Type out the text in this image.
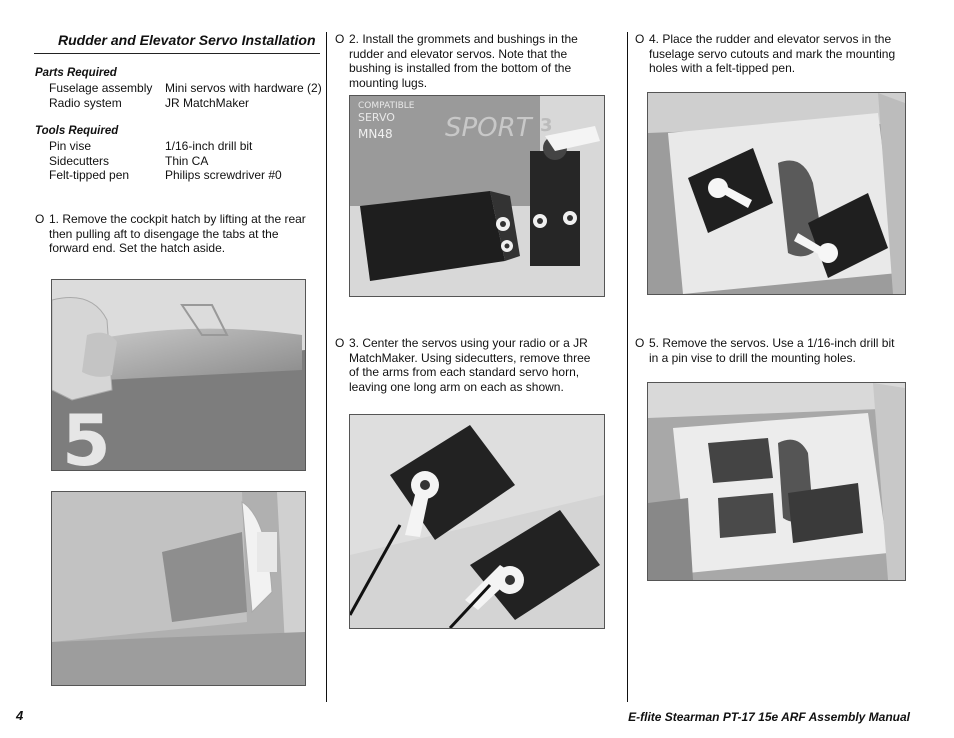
Rudder and Elevator Servo Installation
Parts Required
Fuselage assembly	Mini servos with hardware (2)
Radio system	JR MatchMaker
Tools Required
Pin vise	1/16-inch drill bit
Sidecutters	Thin CA
Felt-tipped pen	Philips screwdriver #0
O 1. Remove the cockpit hatch by lifting at the rear then pulling aft to disengage the tabs at the forward end. Set the hatch aside.
5
O 2. Install the grommets and bushings in the rudder and elevator servos. Note that the bushing is installed from the bottom of the mounting lugs.
COMPATIBLE
SERVO
MN48 SPORT 3
O 3. Center the servos using your radio or a JR MatchMaker. Using sidecutters, remove three of the arms from each standard servo horn, leaving one long arm on each as shown.
O 4. Place the rudder and elevator servos in the fuselage servo cutouts and mark the mounting holes with a felt-tipped pen.
O 5. Remove the servos. Use a 1/16-inch drill bit in a pin vise to drill the mounting holes.
4	E-flite Stearman PT-17 15e ARF Assembly Manual
